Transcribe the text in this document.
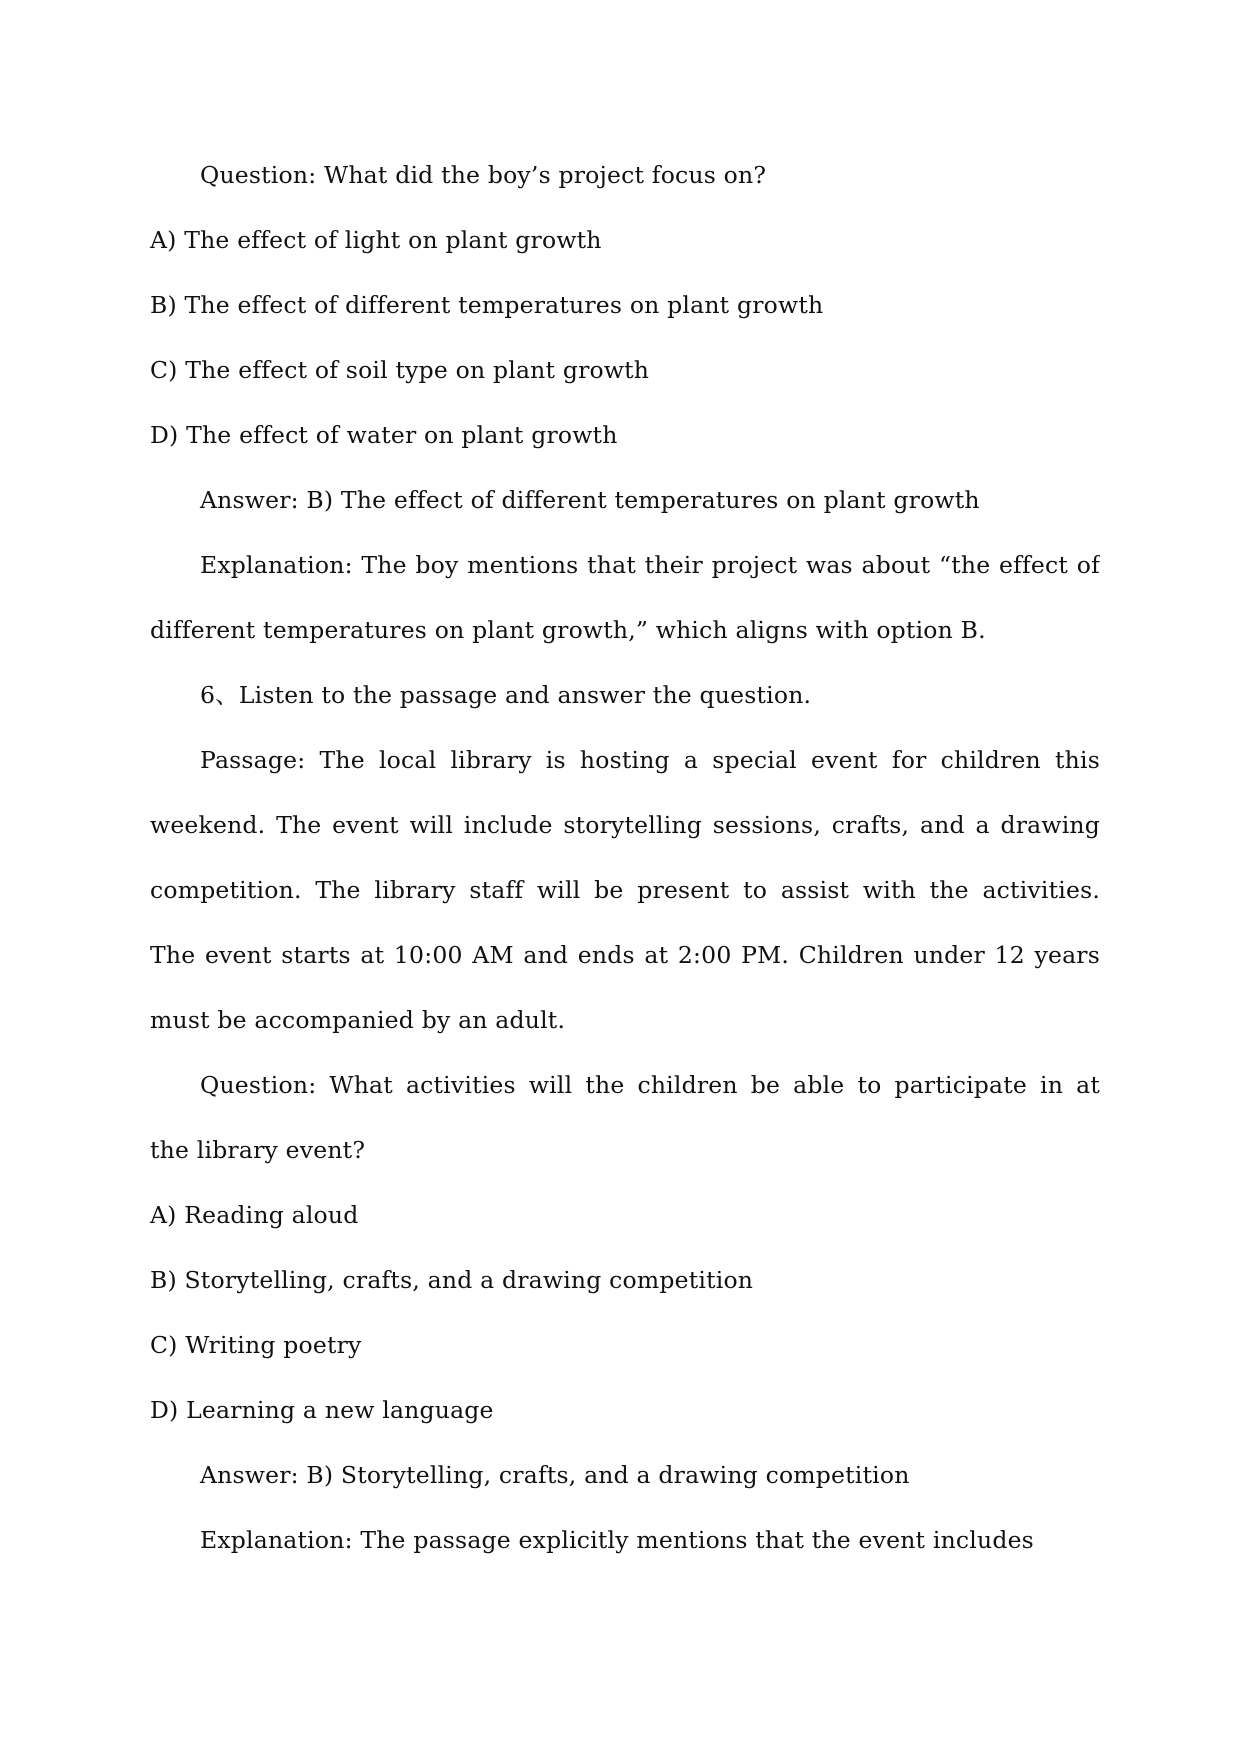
Question: What did the boy’s project focus on?
A) The effect of light on plant growth
B) The effect of different temperatures on plant growth
C) The effect of soil type on plant growth
D) The effect of water on plant growth
Answer: B) The effect of different temperatures on plant growth
Explanation: The boy mentions that their project was about “the effect of
different temperatures on plant growth,” which aligns with option B.
6、Listen to the passage and answer the question.
Passage: The local library is hosting a special event for children this
weekend. The event will include storytelling sessions, crafts, and a drawing
competition. The library staff will be present to assist with the activities.
The event starts at 10:00 AM and ends at 2:00 PM. Children under 12 years
must be accompanied by an adult.
Question: What activities will the children be able to participate in at
the library event?
A) Reading aloud
B) Storytelling, crafts, and a drawing competition
C) Writing poetry
D) Learning a new language
Answer: B) Storytelling, crafts, and a drawing competition
Explanation: The passage explicitly mentions that the event includes
